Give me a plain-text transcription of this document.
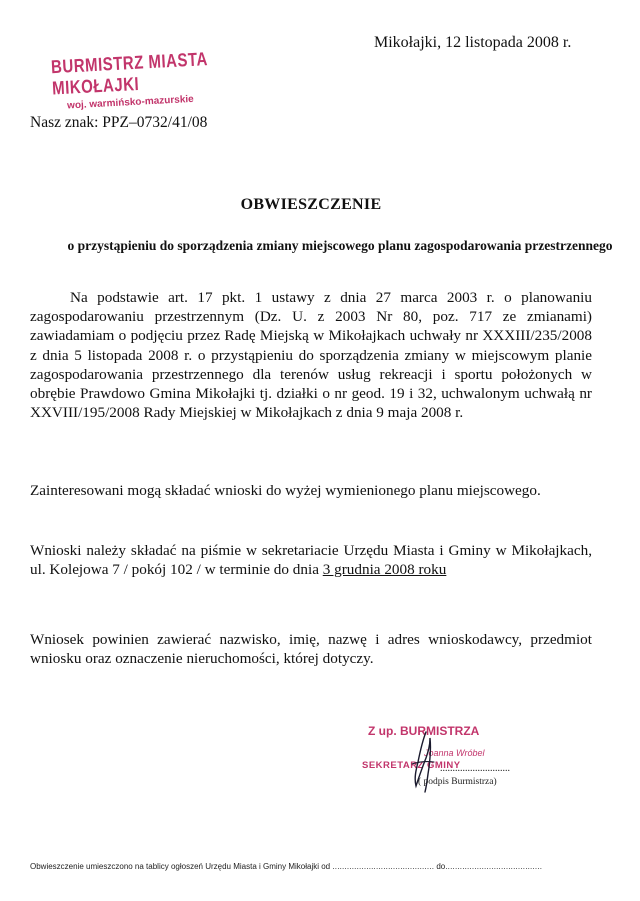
BURMISTRZ MIASTA MIKOŁAJKI
woj. warmińsko-mazurskie
Mikołajki, 12 listopada 2008 r.
Nasz znak: PPZ–0732/41/08
OBWIESZCZENIE
o przystąpieniu do sporządzenia zmiany miejscowego planu zagospodarowania przestrzennego
Na podstawie art. 17 pkt. 1 ustawy z dnia 27 marca 2003 r. o planowaniu zagospodarowaniu przestrzennym (Dz. U. z 2003 Nr 80, poz. 717 ze zmianami) zawiadamiam o podjęciu przez Radę Miejską w Mikołajkach uchwały nr XXXIII/235/2008 z dnia 5 listopada 2008 r. o przystąpieniu do sporządzenia zmiany w miejscowym planie zagospodarowania przestrzennego dla terenów usług rekreacji i sportu położonych w obrębie Prawdowo Gmina Mikołajki tj. działki o nr geod. 19 i 32, uchwalonym uchwałą nr XXVIII/195/2008 Rady Miejskiej w Mikołajkach z dnia 9 maja 2008 r.
Zainteresowani mogą składać wnioski do wyżej wymienionego planu miejscowego.
Wnioski należy składać na piśmie w sekretariacie Urzędu Miasta i Gminy w Mikołajkach, ul. Kolejowa 7 / pokój 102 / w terminie do dnia 3 grudnia 2008 roku
Wniosek powinien zawierać nazwisko, imię, nazwę i adres wnioskodawcy, przedmiot wniosku oraz oznaczenie nieruchomości, której dotyczy.
Z up. BURMISTRZA
Joanna Wróbel
SEKRETARZ GMINY
............................
( podpis Burmistrza)
Obwieszczenie umieszczono na tablicy ogłoszeń Urzędu Miasta i Gminy Mikołajki od .......................................... do........................................
